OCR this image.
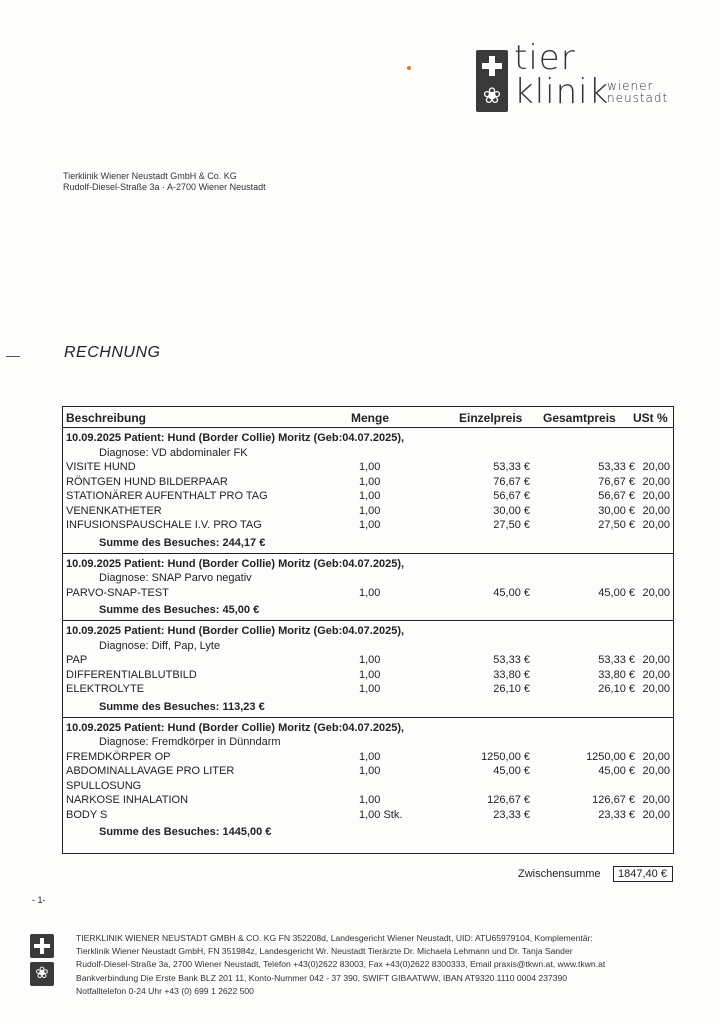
❀
tier
klinik
wiener
neustadt
Tierklinik Wiener Neustadt GmbH & Co. KG
Rudolf-Diesel-Straße 3a · A-2700 Wiener Neustadt
RECHNUNG
Beschreibung	Menge	Einzelpreis Gesamtpreis USt %
10.09.2025 Patient: Hund (Border Collie) Moritz (Geb:04.07.2025),
Diagnose: VD abdominaler FK
VISITE HUND	1,00	53,33 €	53,33 € 20,00
RÖNTGEN HUND BILDERPAAR	1,00	76,67 €	76,67 € 20,00
STATIONÄRER AUFENTHALT PRO TAG	1,00	56,67 €	56,67 € 20,00
VENENKATHETER	1,00	30,00 €	30,00 € 20,00
INFUSIONSPAUSCHALE I.V. PRO TAG	1,00	27,50 €	27,50 € 20,00
Summe des Besuches: 244,17 €
10.09.2025 Patient: Hund (Border Collie) Moritz (Geb:04.07.2025),
Diagnose: SNAP Parvo negativ
PARVO-SNAP-TEST	1,00	45,00 €	45,00 € 20,00
Summe des Besuches: 45,00 €
10.09.2025 Patient: Hund (Border Collie) Moritz (Geb:04.07.2025),
Diagnose: Diff, Pap, Lyte
PAP	1,00	53,33 €	53,33 € 20,00
DIFFERENTIALBLUTBILD	1,00	33,80 €	33,80 € 20,00
ELEKTROLYTE	1,00	26,10 €	26,10 € 20,00
Summe des Besuches: 113,23 €
10.09.2025 Patient: Hund (Border Collie) Moritz (Geb:04.07.2025),
Diagnose: Fremdkörper in Dünndarm
FREMDKÖRPER OP	1,00	1250,00 €	1250,00 € 20,00
ABDOMINALLAVAGE PRO LITER	1,00	45,00 €	45,00 € 20,00
SPULLOSUNG
NARKOSE INHALATION	1,00	126,67 €	126,67 € 20,00
BODY S	1,00 Stk.	23,33 €	23,33 € 20,00
Summe des Besuches: 1445,00 €
Zwischensumme 1847,40 €
- 1-
❀
TIERKLINIK WIENER NEUSTADT GMBH & CO. KG FN 352208d, Landesgericht Wiener Neustadt, UID: ATU65979104, Komplementär:
Tierklinik Wiener Neustadt GmbH, FN 351984z, Landesgericht Wr. Neustadt Tierärzte Dr. Michaela Lehmann und Dr. Tanja Sander
Rudolf-Diesel-Straße 3a, 2700 Wiener Neustadt, Telefon +43(0)2622 83003, Fax +43(0)2622 8300333, Email praxis@tkwn.at, www.tkwn.at
Bankverbindung Die Erste Bank BLZ 201 11, Konto-Nummer 042 - 37 390, SWIFT GIBAATWW, IBAN AT9320 1110 0004 237390
Notfalltelefon 0-24 Uhr +43 (0) 699 1 2622 500
